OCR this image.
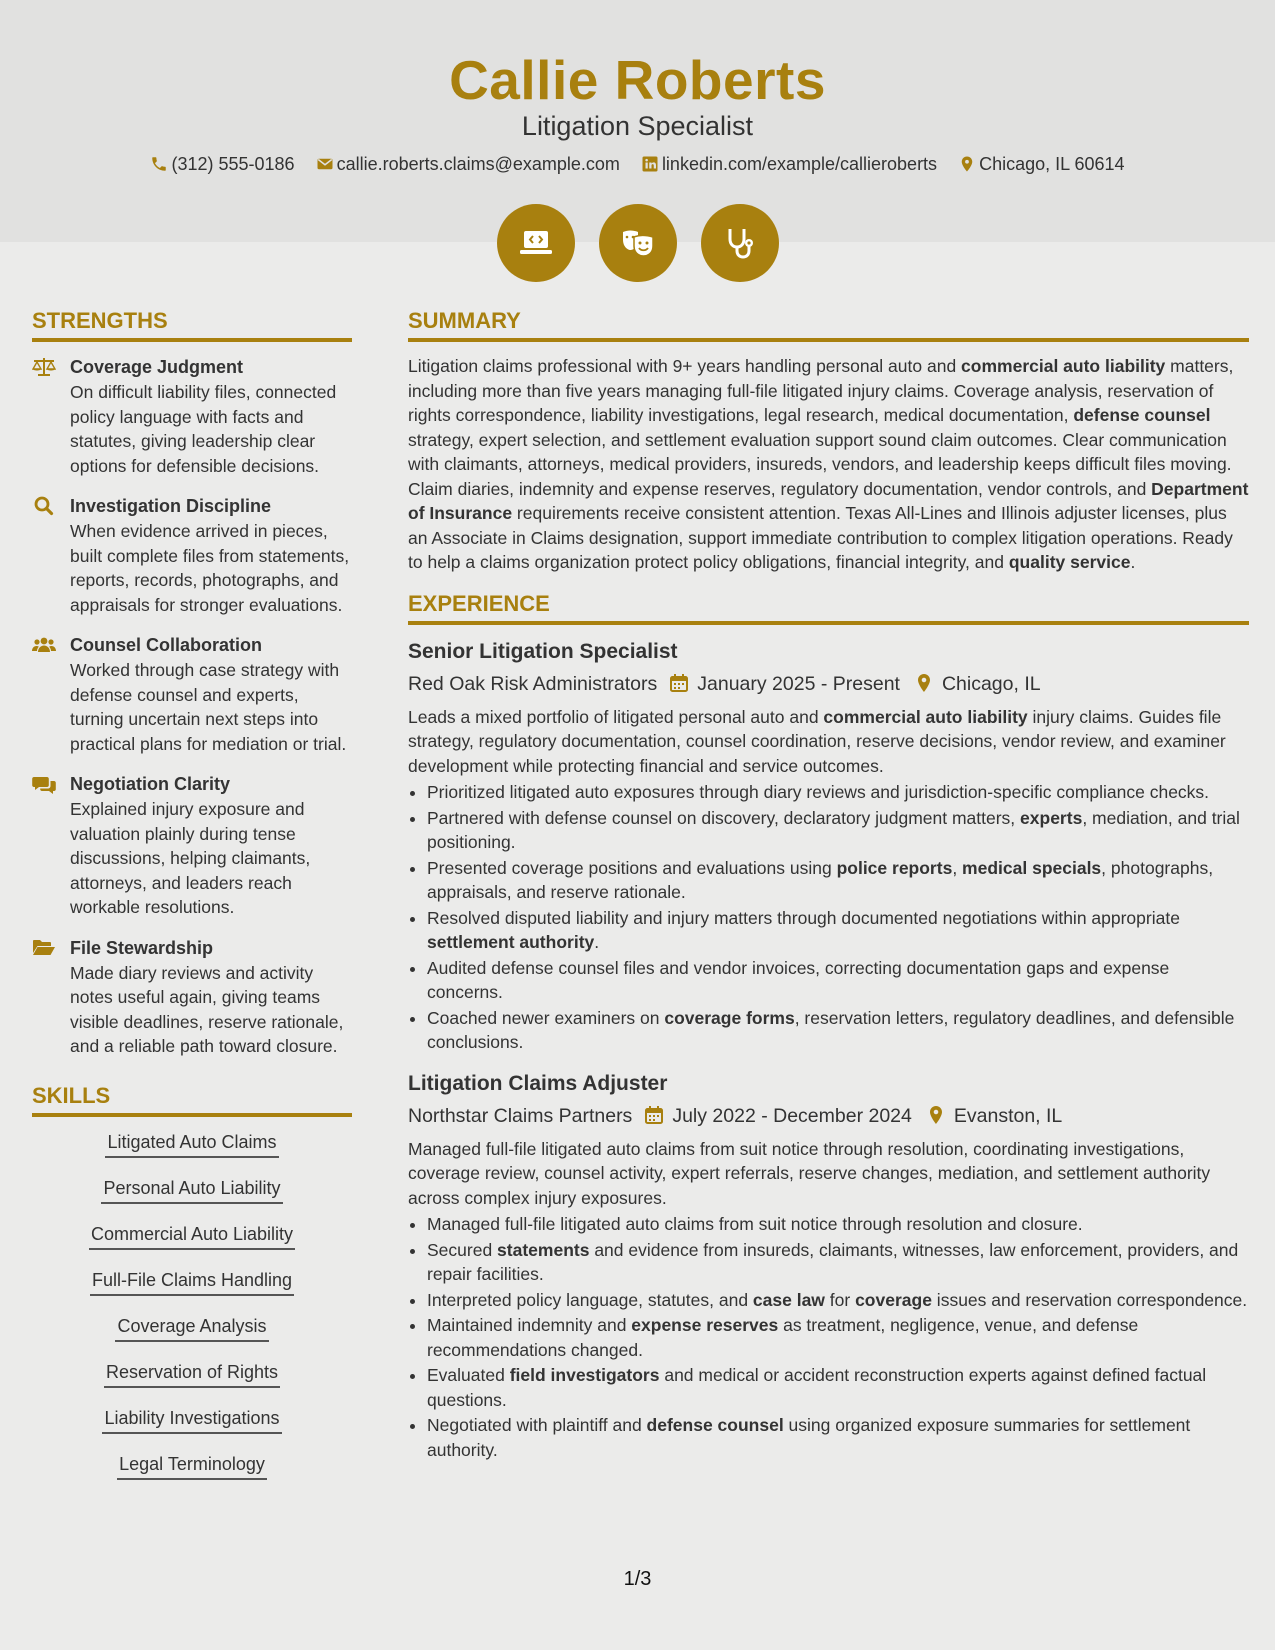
Callie Roberts
Litigation Specialist
(312) 555-0186 callie.roberts.claims@example.com linkedin.com/example/callieroberts Chicago, IL 60614

STRENGTHS
Coverage Judgment
On difficult liability files, connected policy language with facts and statutes, giving leadership clear options for defensible decisions.
Investigation Discipline
When evidence arrived in pieces, built complete files from statements, reports, records, photographs, and appraisals for stronger evaluations.
Counsel Collaboration
Worked through case strategy with defense counsel and experts, turning uncertain next steps into practical plans for mediation or trial.
Negotiation Clarity
Explained injury exposure and valuation plainly during tense discussions, helping claimants, attorneys, and leaders reach workable resolutions.
File Stewardship
Made diary reviews and activity notes useful again, giving teams visible deadlines, reserve rationale, and a reliable path toward closure.
SKILLS
Litigated Auto Claims
Personal Auto Liability
Commercial Auto Liability
Full-File Claims Handling
Coverage Analysis
Reservation of Rights
Liability Investigations
Legal Terminology
SUMMARY

Litigation claims professional with 9+ years handling personal auto and commercial auto liability matters, including more than five years managing full-file litigated injury claims. Coverage analysis, reservation of rights correspondence, liability investigations, legal research, medical documentation, defense counsel strategy, expert selection, and settlement evaluation support sound claim outcomes. Clear communication with claimants, attorneys, medical providers, insureds, vendors, and leadership keeps difficult files moving. Claim diaries, indemnity and expense reserves, regulatory documentation, vendor controls, and Department of Insurance requirements receive consistent attention. Texas All-Lines and Illinois adjuster licenses, plus an Associate in Claims designation, support immediate contribution to complex litigation operations. Ready to help a claims organization protect policy obligations, financial integrity, and quality service.

EXPERIENCE
Senior Litigation Specialist
Red Oak Risk Administrators January 2025 - Present Chicago, IL

Leads a mixed portfolio of litigated personal auto and commercial auto liability injury claims. Guides file strategy, regulatory documentation, counsel coordination, reserve decisions, vendor review, and examiner development while protecting financial and service outcomes.

• Prioritized litigated auto exposures through diary reviews and jurisdiction-specific compliance checks.
• Partnered with defense counsel on discovery, declaratory judgment matters, experts, mediation, and trial positioning.
• Presented coverage positions and evaluations using police reports, medical specials, photographs, appraisals, and reserve rationale.
• Resolved disputed liability and injury matters through documented negotiations within appropriate settlement authority.
• Audited defense counsel files and vendor invoices, correcting documentation gaps and expense concerns.
• Coached newer examiners on coverage forms, reservation letters, regulatory deadlines, and defensible conclusions.
Litigation Claims Adjuster
Northstar Claims Partners July 2022 - December 2024 Evanston, IL

Managed full-file litigated auto claims from suit notice through resolution, coordinating investigations, coverage review, counsel activity, expert referrals, reserve changes, mediation, and settlement authority across complex injury exposures.

• Managed full-file litigated auto claims from suit notice through resolution and closure.
• Secured statements and evidence from insureds, claimants, witnesses, law enforcement, providers, and repair facilities.
• Interpreted policy language, statutes, and case law for coverage issues and reservation correspondence.
• Maintained indemnity and expense reserves as treatment, negligence, venue, and defense recommendations changed.
• Evaluated field investigators and medical or accident reconstruction experts against defined factual questions.
• Negotiated with plaintiff and defense counsel using organized exposure summaries for settlement authority.
1/3
